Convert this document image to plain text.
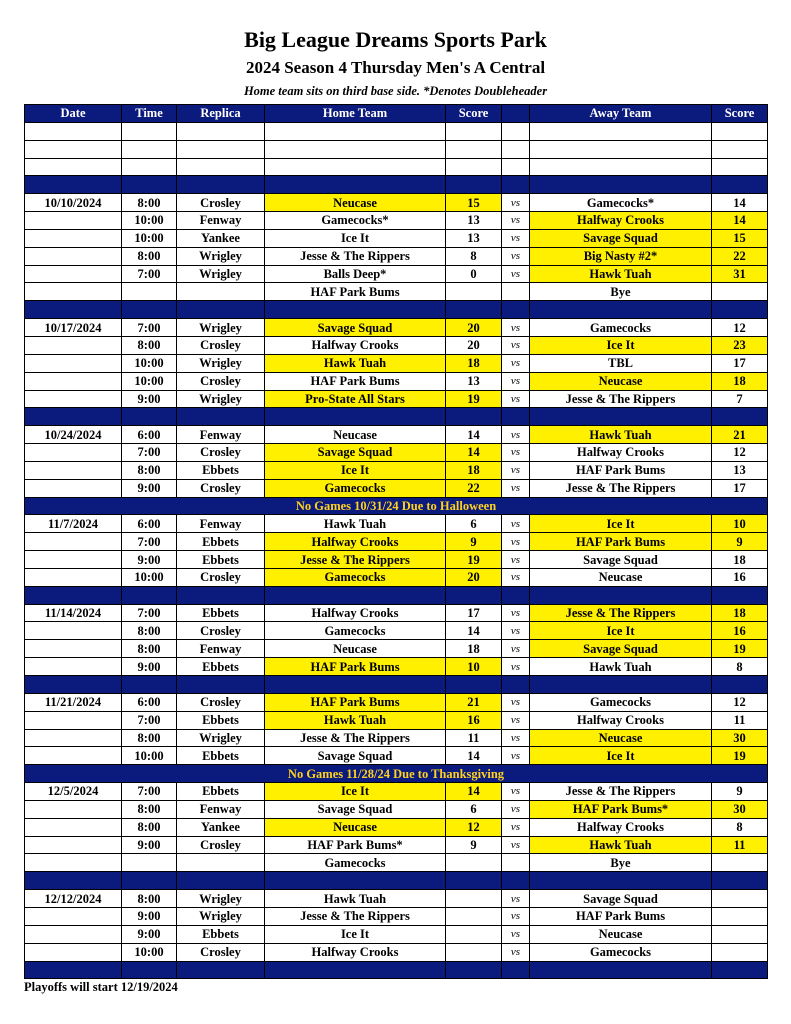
Big League Dreams Sports Park
2024 Season 4 Thursday Men's A Central
Home team sits on third base side. *Denotes Doubleheader
Date	Time	Replica	Home Team	Score		Away Team	Score

10/10/2024	8:00	Crosley	Neucase	15	vs	Gamecocks*	14
	10:00	Fenway	Gamecocks*	13	vs	Halfway Crooks	14
	10:00	Yankee	Ice It	13	vs	Savage Squad	15
	8:00	Wrigley	Jesse & The Rippers	8	vs	Big Nasty #2*	22
	7:00	Wrigley	Balls Deep*	0	vs	Hawk Tuah	31
			HAF Park Bums			Bye	

10/17/2024	7:00	Wrigley	Savage Squad	20	vs	Gamecocks	12
	8:00	Crosley	Halfway Crooks	20	vs	Ice It	23
	10:00	Wrigley	Hawk Tuah	18	vs	TBL	17
	10:00	Crosley	HAF Park Bums	13	vs	Neucase	18
	9:00	Wrigley	Pro-State All Stars	19	vs	Jesse & The Rippers	7

10/24/2024	6:00	Fenway	Neucase	14	vs	Hawk Tuah	21
	7:00	Crosley	Savage Squad	14	vs	Halfway Crooks	12
	8:00	Ebbets	Ice It	18	vs	HAF Park Bums	13
	9:00	Crosley	Gamecocks	22	vs	Jesse & The Rippers	17
No Games 10/31/24 Due to Halloween							
11/7/2024	6:00	Fenway	Hawk Tuah	6	vs	Ice It	10
	7:00	Ebbets	Halfway Crooks	9	vs	HAF Park Bums	9
	9:00	Ebbets	Jesse & The Rippers	19	vs	Savage Squad	18
	10:00	Crosley	Gamecocks	20	vs	Neucase	16

11/14/2024	7:00	Ebbets	Halfway Crooks	17	vs	Jesse & The Rippers	18
	8:00	Crosley	Gamecocks	14	vs	Ice It	16
	8:00	Fenway	Neucase	18	vs	Savage Squad	19
	9:00	Ebbets	HAF Park Bums	10	vs	Hawk Tuah	8

11/21/2024	6:00	Crosley	HAF Park Bums	21	vs	Gamecocks	12
	7:00	Ebbets	Hawk Tuah	16	vs	Halfway Crooks	11
	8:00	Wrigley	Jesse & The Rippers	11	vs	Neucase	30
	10:00	Ebbets	Savage Squad	14	vs	Ice It	19
No Games 11/28/24 Due to Thanksgiving							
12/5/2024	7:00	Ebbets	Ice It	14	vs	Jesse & The Rippers	9
	8:00	Fenway	Savage Squad	6	vs	HAF Park Bums*	30
	8:00	Yankee	Neucase	12	vs	Halfway Crooks	8
	9:00	Crosley	HAF Park Bums*	9	vs	Hawk Tuah	11
			Gamecocks			Bye	

12/12/2024	8:00	Wrigley	Hawk Tuah		vs	Savage Squad	
	9:00	Wrigley	Jesse & The Rippers		vs	HAF Park Bums	
	9:00	Ebbets	Ice It		vs	Neucase	
	10:00	Crosley	Halfway Crooks		vs	Gamecocks	

Playoffs will start 12/19/2024
